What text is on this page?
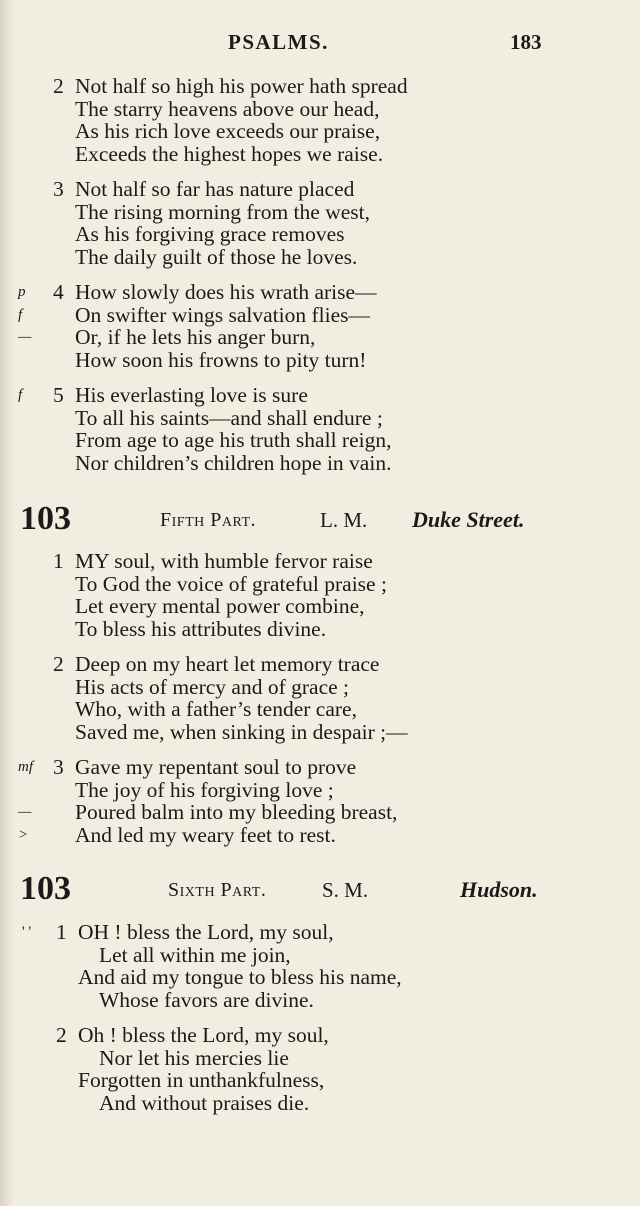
PSALMS.	183
2 Not half so high his power hath spread
The starry heavens above our head,
As his rich love exceeds our praise,
Exceeds the highest hopes we raise.
3 Not half so far has nature placed
The rising morning from the west,
As his forgiving grace removes
The daily guilt of those he loves.
p 4 How slowly does his wrath arise—
f On swifter wings salvation flies—
— Or, if he lets his anger burn,
How soon his frowns to pity turn!
f 5 His everlasting love is sure
To all his saints—and shall endure ;
From age to age his truth shall reign,
Nor children’s children hope in vain.
103	Fifth Part.	L. M. Duke Street.
1 MY soul, with humble fervor raise
To God the voice of grateful praise ;
Let every mental power combine,
To bless his attributes divine.
2 Deep on my heart let memory trace
His acts of mercy and of grace ;
Who, with a father’s tender care,
Saved me, when sinking in despair ;—
mf 3 Gave my repentant soul to prove
The joy of his forgiving love ;
— Poured balm into my bleeding breast,
> And led my weary feet to rest.
103	Sixth Part.	S. M.	Hudson.
' ' 1 OH ! bless the Lord, my soul,
Let all within me join,
And aid my tongue to bless his name,
Whose favors are divine.
2 Oh ! bless the Lord, my soul,
Nor let his mercies lie
Forgotten in unthankfulness,
And without praises die.
